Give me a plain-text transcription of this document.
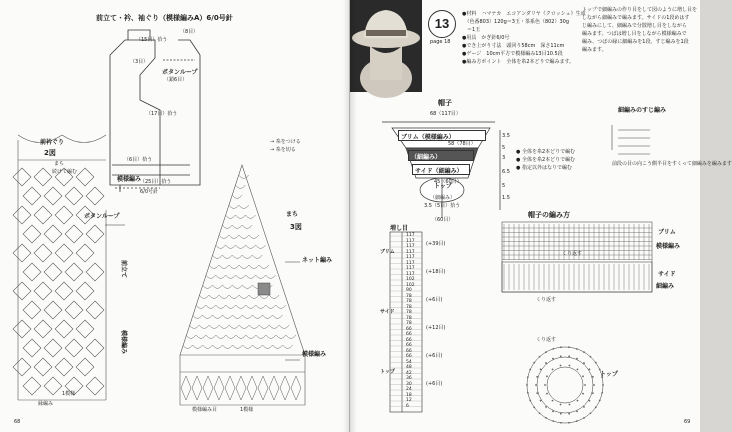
前立て・衿、袖ぐり（模様編みA）6/0号針
（15目）拾う
（3目）
（17目）拾う
（6目）拾う
（8目）
（25目）拾う
ボタンループ
（鎖6目）
模様編み
6/0号針
前衿ぐり
2図
まち
続けて編む
ボタンループ
前立て
模様編み
→ 糸をつける
→ 糸を切る
まち
3図
ネット編み
模様編み
1模様
縁編み
模様編み目	1模様
68
13
page 18
●材料　ハマナカ　エコアンダリヤ《クロッシェ》生成
　（色番803）120g＝3玉・茶系色（802）30g
　＝1玉
●用具　かぎ針6/0号
●でき上がり寸法　頭回り58cm　深さ11cm
●ゲージ　10cm平方で模様編み13目10.5段
●編み方ポイント　全体を糸2本どりで編みます。
トップで細編みの作り目をして図のように増し目を
しながら細編みで編みます。サイドの1段めはす
じ編みにして、細編みで分散増し目をしながら
編みます。つばは増し目をしながら模様編みで
編み、つばの縁に細編みを1段、すじ編みを1段
編みます。
帽子
68（117目）
ブリム（模様編み）
（細編み）
サイド（細編み）
58（78目）
45（60目）
トップ
（細編み）
3.5（5目）拾う
（60目）
3.5
5
3
6.5
5
1.5
● 全体を糸2本どりで編む
● 全体を糸2本どりで編む
● 指定以外はなりで編む
細編みのすじ編み
前段の目の向こう側半目をすくって細編みを編みます
増し目
117
117
117
117
117
117
117
117
102
102
90
78
78
78
78
78
78
66
66
66
66
66
66
54
48
42
36
30
24
18
12
6
(+39目)
(+18目)
(+6目)
(+12目)
(+6目)
(+6目)
ブリム
サイド
トップ
帽子の編み方
ブリム
サイド
トップ
模様編み
くり返す
くり返す
くり返す
細編み
69
